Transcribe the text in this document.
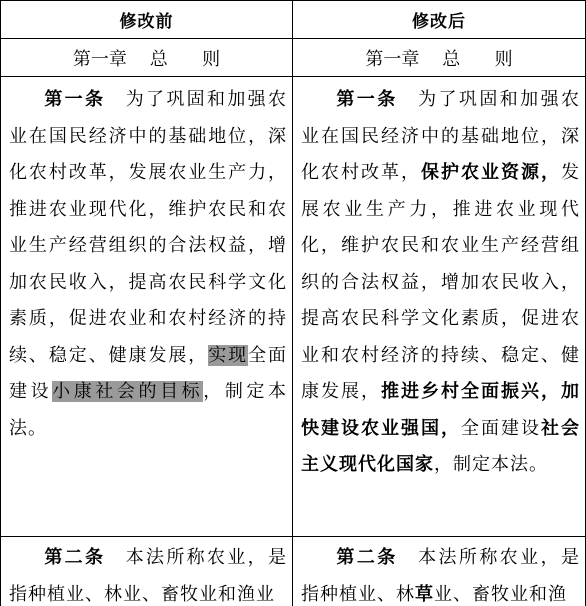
修改前	修改后
第一章    总      则	第一章    总      则
第一条　 为了巩固和加强农业在国民经济中的基础地位，深化农村改革，发展农业生产力，推进农业现代化，维护农民和农业生产经营组织的合法权益，增加农民收入，提高农民科学文化素质，促进农业和农村经济的持续、稳定、健康发展，实现全面建设小康社会的目标，制定本法。
第一条　 为了巩固和加强农业在国民经济中的基础地位，深化农村改革，保护农业资源，发展农业生产力，推进农业现代化，维护农民和农业生产经营组织的合法权益，增加农民收入，提高农民科学文化素质，促进农业和农村经济的持续、稳定、健康发展，推进乡村全面振兴，加快建设农业强国，全面建设社会主义现代化国家，制定本法。
第二条　 本法所称农业，是指种植业、林业、畜牧业和渔业
第二条　 本法所称农业，是指种植业、林草业、畜牧业和渔
